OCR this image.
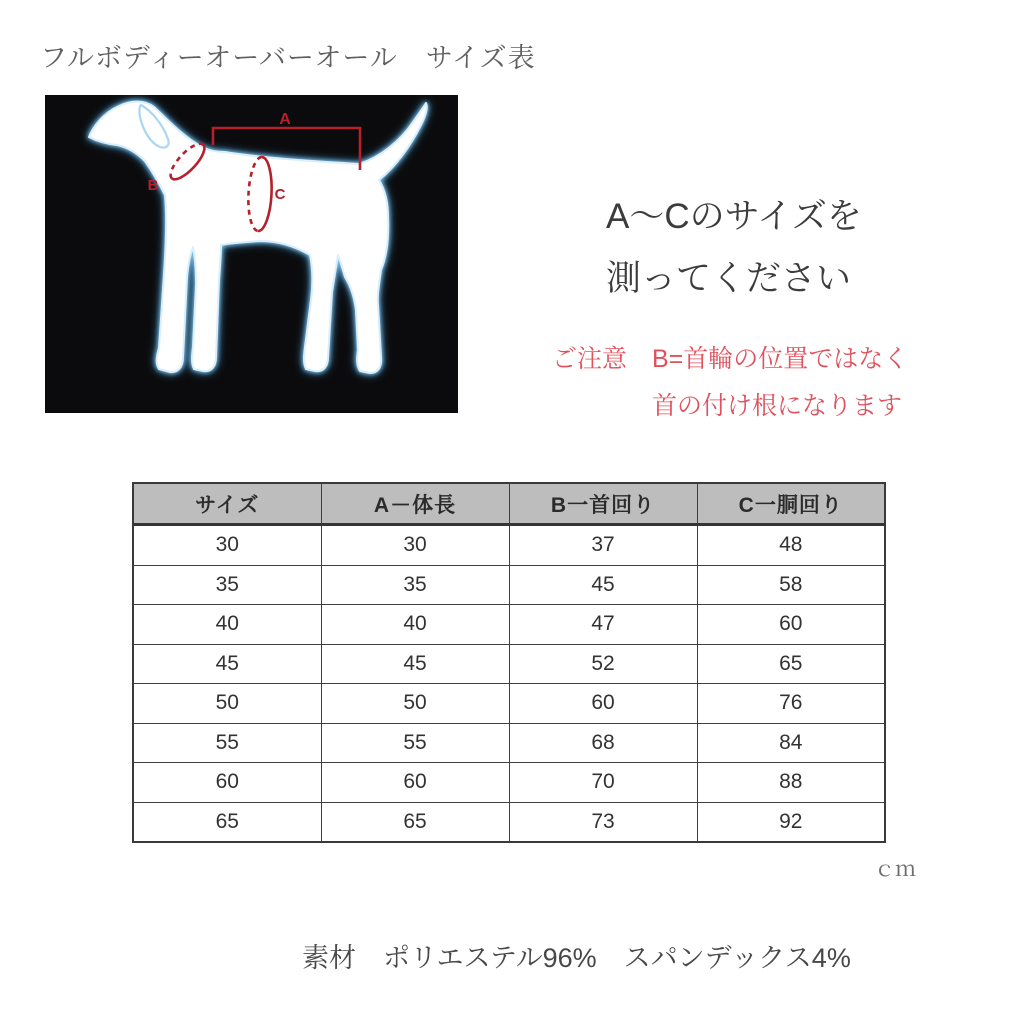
フルボディーオーバーオール　サイズ表
A
B
C
A〜Cのサイズを
測ってください
ご注意　B=首輪の位置ではなく
首の付け根になります
サイズ	A－体長	B一首回り	C一胴回り
30	30	37	48
35	35	45	58
40	40	47	60
45	45	52	65
50	50	60	76
55	55	68	84
60	60	70	88
65	65	73	92
ｃｍ
素材　ポリエステル96%　スパンデックス4%
